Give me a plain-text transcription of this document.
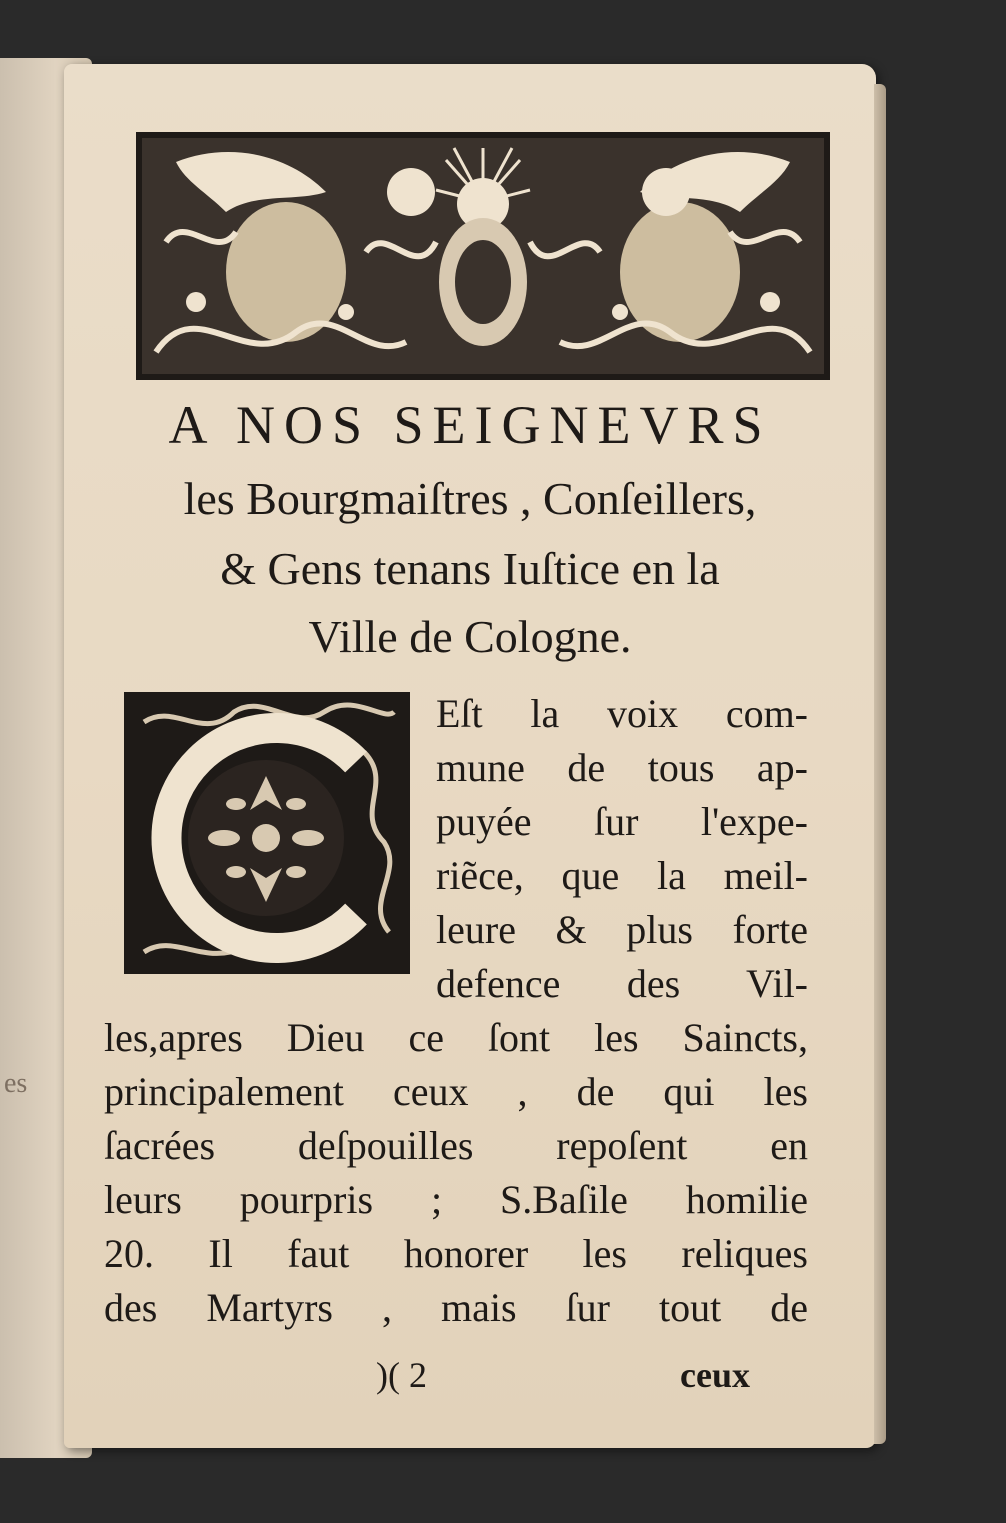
es
A NOS SEIGNEVRS
les Bourgmaiſtres , Conſeillers,
& Gens tenans Iuſtice en la
Ville de Cologne.
Eſt la voix com-
mune de tous ap-
puyée ſur l'expe-
riẽce, que la meil-
leure & plus forte
defence des Vil-
les,apres Dieu ce ſont les Saincts,
principalement ceux , de qui les
ſacrées deſpouilles repoſent en
leurs pourpris ; S.Baſile homilie
20. Il faut honorer les reliques
des Martyrs , mais ſur tout de
)( 2	ceux
